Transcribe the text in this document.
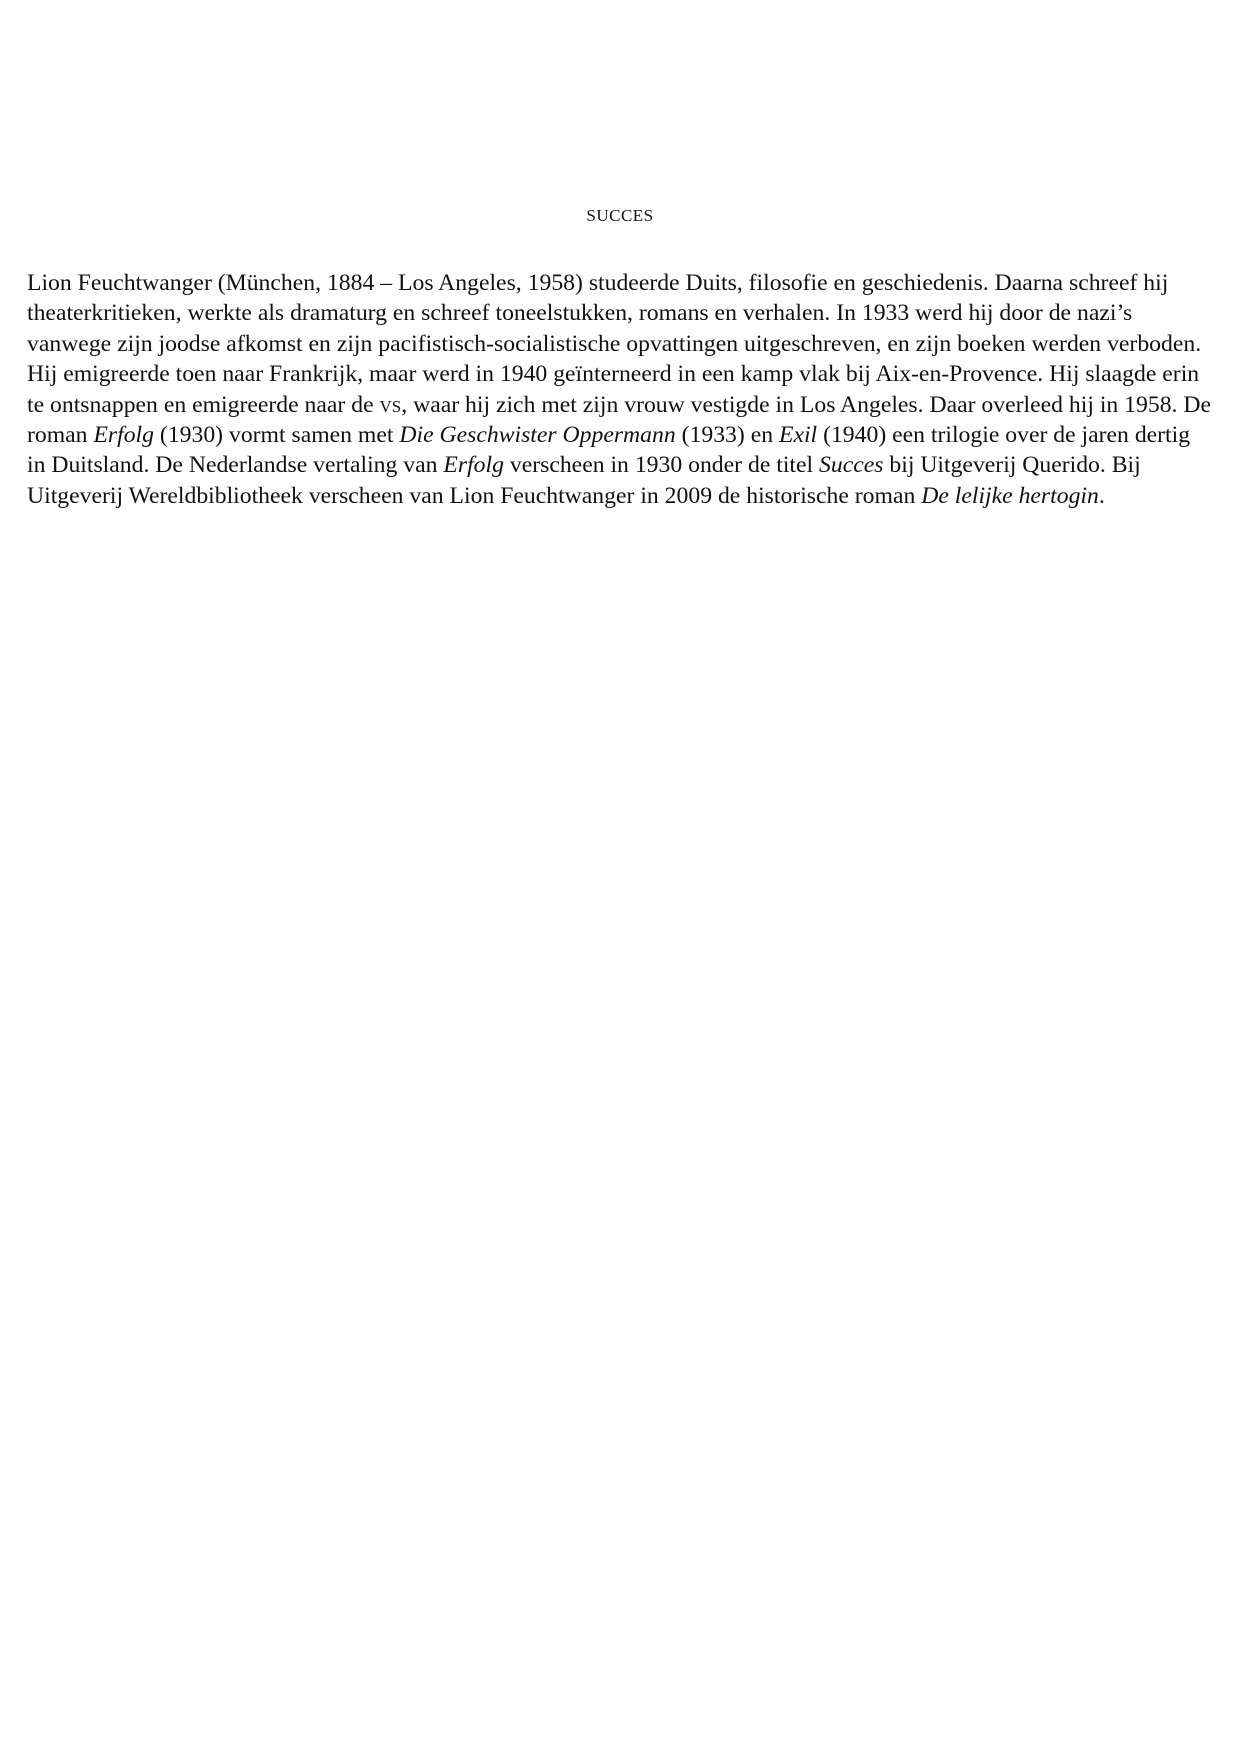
SUCCES

Lion Feuchtwanger (München, 1884 – Los Angeles, 1958) studeerde Duits, filosofie en geschiedenis. Daarna schreef hij theaterkritieken, werkte als dramaturg en schreef toneelstukken, romans en verhalen. In 1933 werd hij door de nazi’s vanwege zijn joodse afkomst en zijn pacifistisch-socialistische opvattingen uitgeschreven, en zijn boeken werden verboden. Hij emigreerde toen naar Frankrijk, maar werd in 1940 geïnterneerd in een kamp vlak bij Aix-en-Provence. Hij slaagde erin te ontsnappen en emigreerde naar de vs, waar hij zich met zijn vrouw vestigde in Los Angeles. Daar overleed hij in 1958. De roman Erfolg (1930) vormt samen met Die Geschwister Oppermann (1933) en Exil (1940) een trilogie over de jaren dertig in Duitsland. De Nederlandse vertaling van Erfolg verscheen in 1930 onder de titel Succes bij Uitgeverij Querido. Bij Uitgeverij Wereldbibliotheek verscheen van Lion Feuchtwanger in 2009 de historische roman De lelijke hertogin.
